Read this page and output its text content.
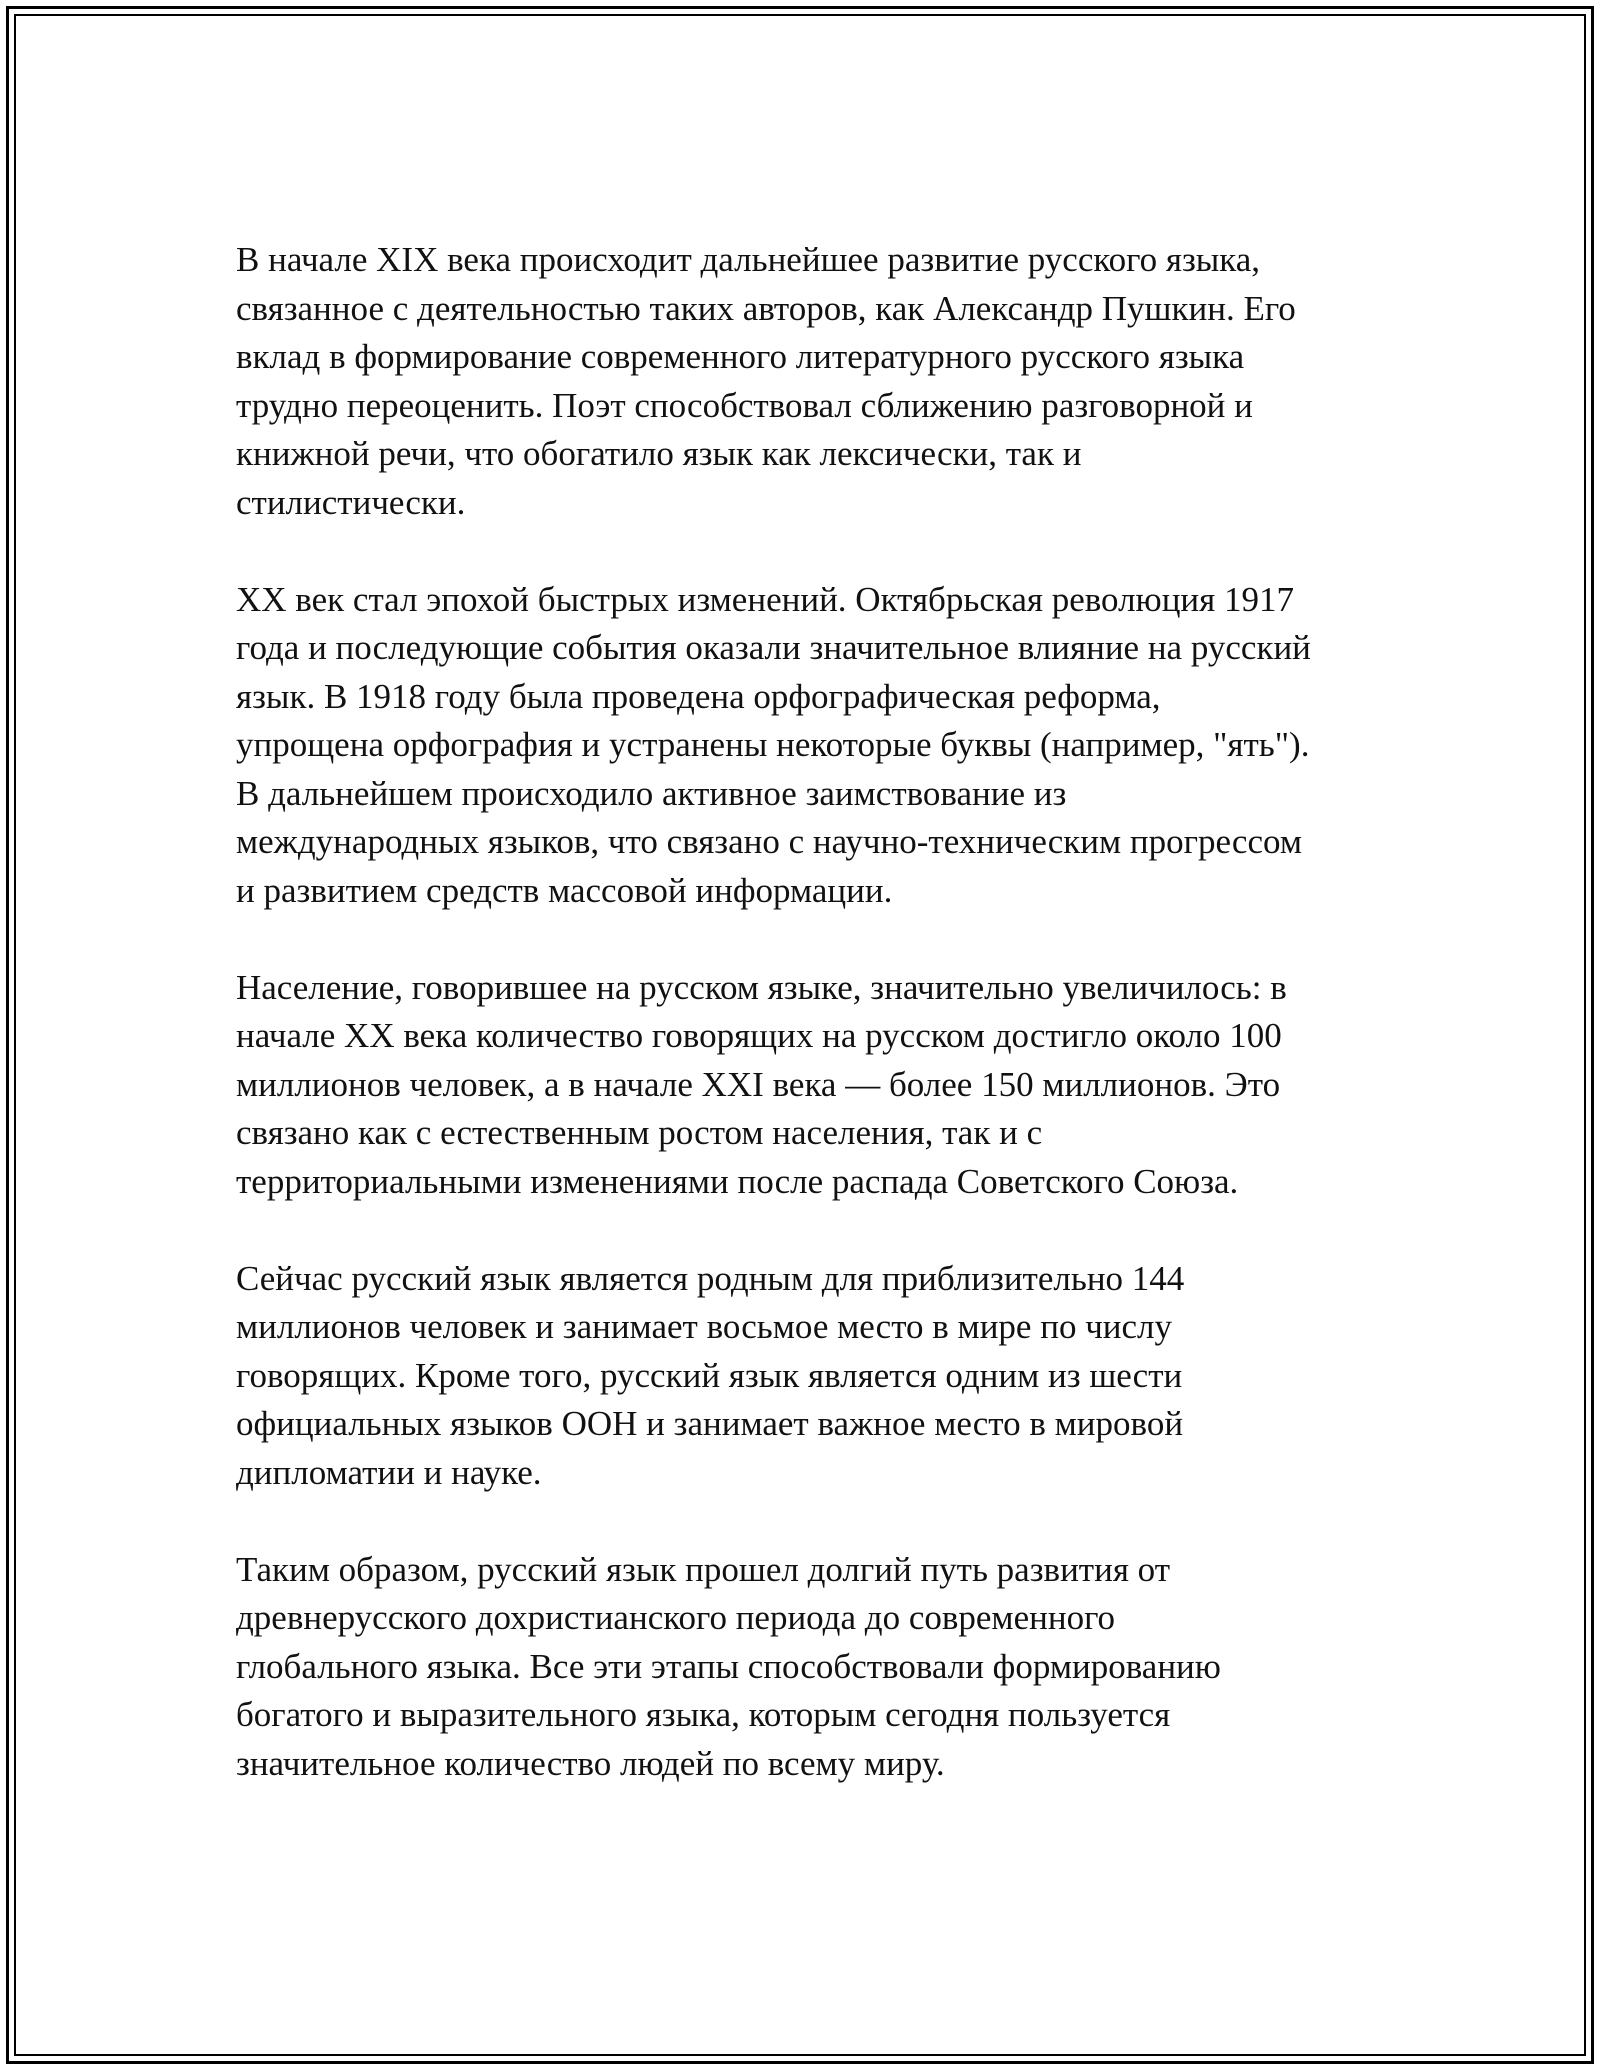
В начале XIX века происходит дальнейшее развитие русского языка,
связанное с деятельностью таких авторов, как Александр Пушкин. Его
вклад в формирование современного литературного русского языка
трудно переоценить. Поэт способствовал сближению разговорной и
книжной речи, что обогатило язык как лексически, так и
стилистически.

XX век стал эпохой быстрых изменений. Октябрьская революция 1917
года и последующие события оказали значительное влияние на русский
язык. В 1918 году была проведена орфографическая реформа,
упрощена орфография и устранены некоторые буквы (например, "ять").
В дальнейшем происходило активное заимствование из
международных языков, что связано с научно-техническим прогрессом
и развитием средств массовой информации.

Население, говорившее на русском языке, значительно увеличилось: в
начале XX века количество говорящих на русском достигло около 100
миллионов человек, а в начале XXI века — более 150 миллионов. Это
связано как с естественным ростом населения, так и с
территориальными изменениями после распада Советского Союза.

Сейчас русский язык является родным для приблизительно 144
миллионов человек и занимает восьмое место в мире по числу
говорящих. Кроме того, русский язык является одним из шести
официальных языков ООН и занимает важное место в мировой
дипломатии и науке.

Таким образом, русский язык прошел долгий путь развития от
древнерусского дохристианского периода до современного
глобального языка. Все эти этапы способствовали формированию
богатого и выразительного языка, которым сегодня пользуется
значительное количество людей по всему миру.
